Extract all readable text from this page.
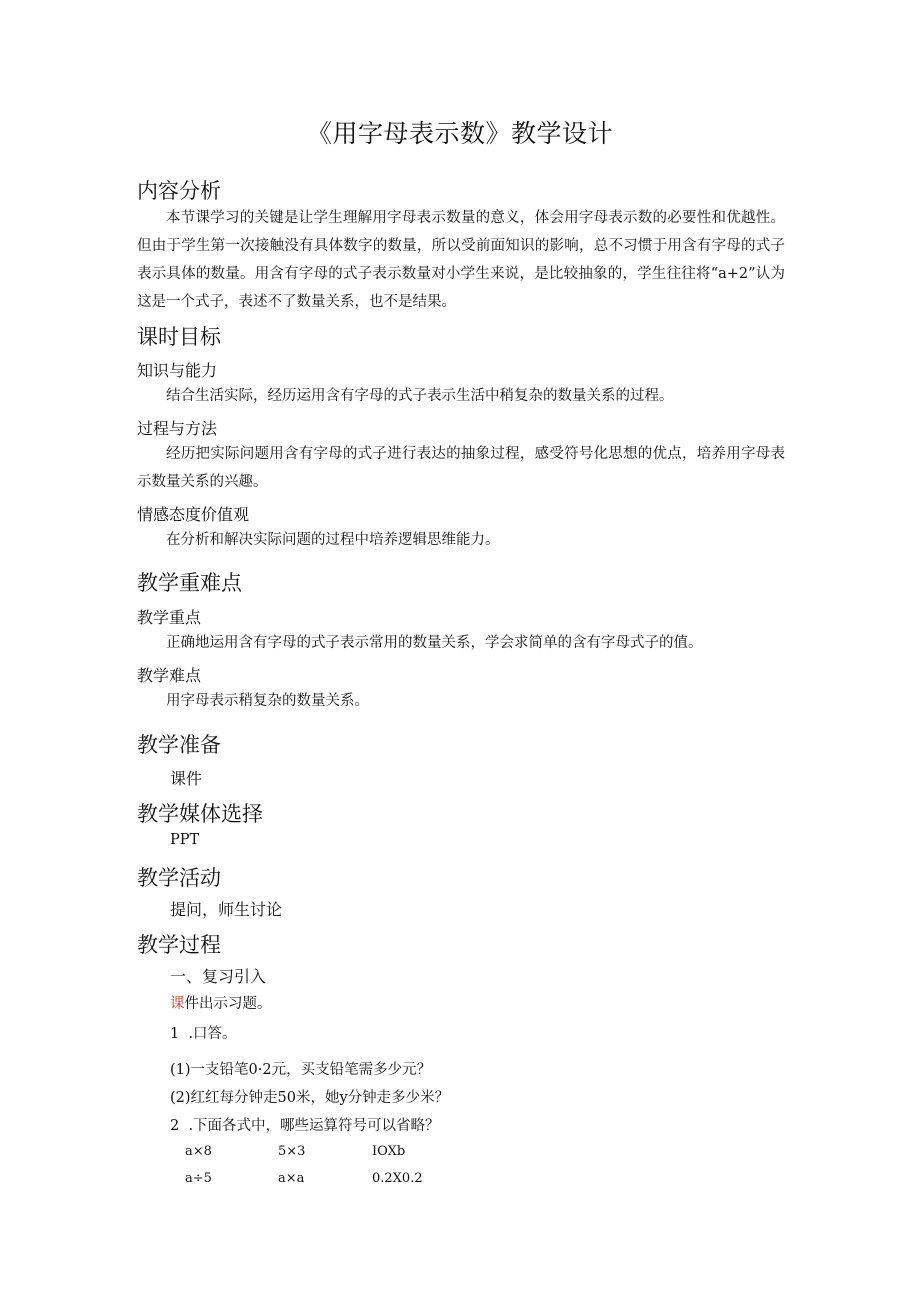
《用字母表示数》教学设计
内容分析
本节课学习的关键是让学生理解用字母表示数量的意义，体会用字母表示数的必要性和优越性。但由于学生第一次接触没有具体数字的数量，所以受前面知识的影响，总不习惯于用含有字母的式子表示具体的数量。用含有字母的式子表示数量对小学生来说，是比较抽象的，学生往往将“a+2”认为这是一个式子，表述不了数量关系，也不是结果。
课时目标
知识与能力
结合生活实际，经历运用含有字母的式子表示生活中稍复杂的数量关系的过程。
过程与方法
经历把实际问题用含有字母的式子进行表达的抽象过程，感受符号化思想的优点，培养用字母表示数量关系的兴趣。
情感态度价值观
在分析和解决实际问题的过程中培养逻辑思维能力。
教学重难点
教学重点
正确地运用含有字母的式子表示常用的数量关系，学会求简单的含有字母式子的值。
教学难点
用字母表示稍复杂的数量关系。
教学准备
课件
教学媒体选择
PPT
教学活动
提问，师生讨论
教学过程
一、复习引入
课件出示习题。
1  .口答。
(1)一支铅笔0·2元，买支铅笔需多少元？
(2)红红每分钟走50米，她y分钟走多少米？
2  .下面各式中，哪些运算符号可以省略？
a×8	5×3	IOXb
a÷5	a×a	0.2X0.2
